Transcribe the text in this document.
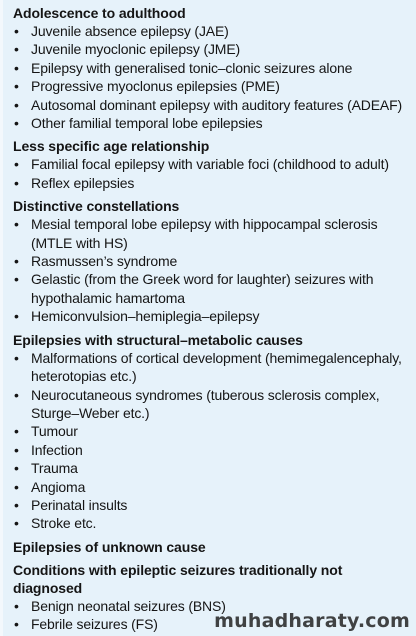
Adolescence to adulthood
• Juvenile absence epilepsy (JAE)
• Juvenile myoclonic epilepsy (JME)
• Epilepsy with generalised tonic–clonic seizures alone
• Progressive myoclonus epilepsies (PME)
• Autosomal dominant epilepsy with auditory features (ADEAF)
• Other familial temporal lobe epilepsies
Less specific age relationship
• Familial focal epilepsy with variable foci (childhood to adult)
• Reflex epilepsies
Distinctive constellations
• Mesial temporal lobe epilepsy with hippocampal sclerosis (MTLE with HS)
• Rasmussen’s syndrome
• Gelastic (from the Greek word for laughter) seizures with hypothalamic hamartoma
• Hemiconvulsion–hemiplegia–epilepsy
Epilepsies with structural–metabolic causes
• Malformations of cortical development (hemimegalencephaly, heterotopias etc.)
• Neurocutaneous syndromes (tuberous sclerosis complex, Sturge–Weber etc.)
• Tumour
• Infection
• Trauma
• Angioma
• Perinatal insults
• Stroke etc.
Epilepsies of unknown cause
Conditions with epileptic seizures traditionally not diagnosed
• Benign neonatal seizures (BNS)
• Febrile seizures (FS)	muhadharaty.com
